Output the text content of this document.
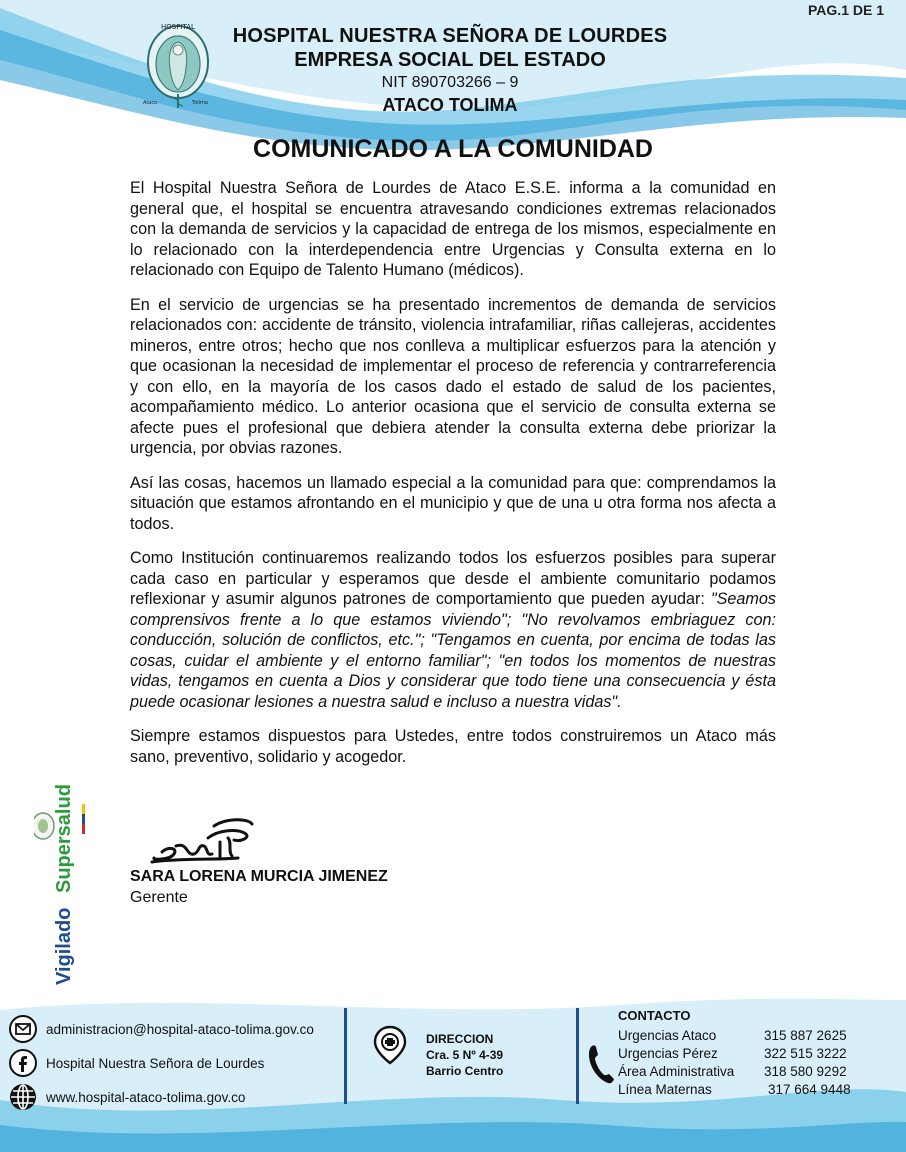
PAG.1 DE 1
HOSPITAL
Ataco	Tolima
HOSPITAL NUESTRA SEÑORA DE LOURDES
EMPRESA SOCIAL DEL ESTADO
NIT 890703266 – 9
ATACO TOLIMA
COMUNICADO A LA COMUNIDAD

El Hospital Nuestra Señora de Lourdes de Ataco E.S.E. informa a la comunidad en general que, el hospital se encuentra atravesando condiciones extremas relacionados con la demanda de servicios y la capacidad de entrega de los mismos, especialmente en lo relacionado con la interdependencia entre Urgencias y Consulta externa en lo relacionado con Equipo de Talento Humano (médicos).

En el servicio de urgencias se ha presentado incrementos de demanda de servicios relacionados con: accidente de tránsito, violencia intrafamiliar, riñas callejeras, accidentes mineros, entre otros; hecho que nos conlleva a multiplicar esfuerzos para la atención y que ocasionan la necesidad de implementar el proceso de referencia y contrarreferencia y con ello, en la mayoría de los casos dado el estado de salud de los pacientes, acompañamiento médico. Lo anterior ocasiona que el servicio de consulta externa se afecte pues el profesional que debiera atender la consulta externa debe priorizar la urgencia, por obvias razones.

Así las cosas, hacemos un llamado especial a la comunidad para que: comprendamos la situación que estamos afrontando en el municipio y que de una u otra forma nos afecta a todos.

Como Institución continuaremos realizando todos los esfuerzos posibles para superar cada caso en particular y esperamos que desde el ambiente comunitario podamos reflexionar y asumir algunos patrones de comportamiento que pueden ayudar: "Seamos comprensivos frente a lo que estamos viviendo"; "No revolvamos embriaguez con: conducción, solución de conflictos, etc."; "Tengamos en cuenta, por encima de todas las cosas, cuidar el ambiente y el entorno familiar"; "en todos los momentos de nuestras vidas, tengamos en cuenta a Dios y considerar que todo tiene una consecuencia y ésta puede ocasionar lesiones a nuestra salud e incluso a nuestra vidas".

Siempre estamos dispuestos para Ustedes, entre todos construiremos un Ataco más sano, preventivo, solidario y acogedor.

Vigilado
Supersalud	SARA LORENA MURCIA JIMENEZ
Gerente
administracion@hospital-ataco-tolima.gov.co
Hospital Nuestra Señora de Lourdes
www.hospital-ataco-tolima.gov.co
DIRECCION
Cra. 5 Nº 4-39
Barrio Centro
CONTACTO
Urgencias Ataco	315 887 2625
Urgencias Pérez	322 515 3222
Área Administrativa 318 580 9292
Línea Maternas	317 664 9448
